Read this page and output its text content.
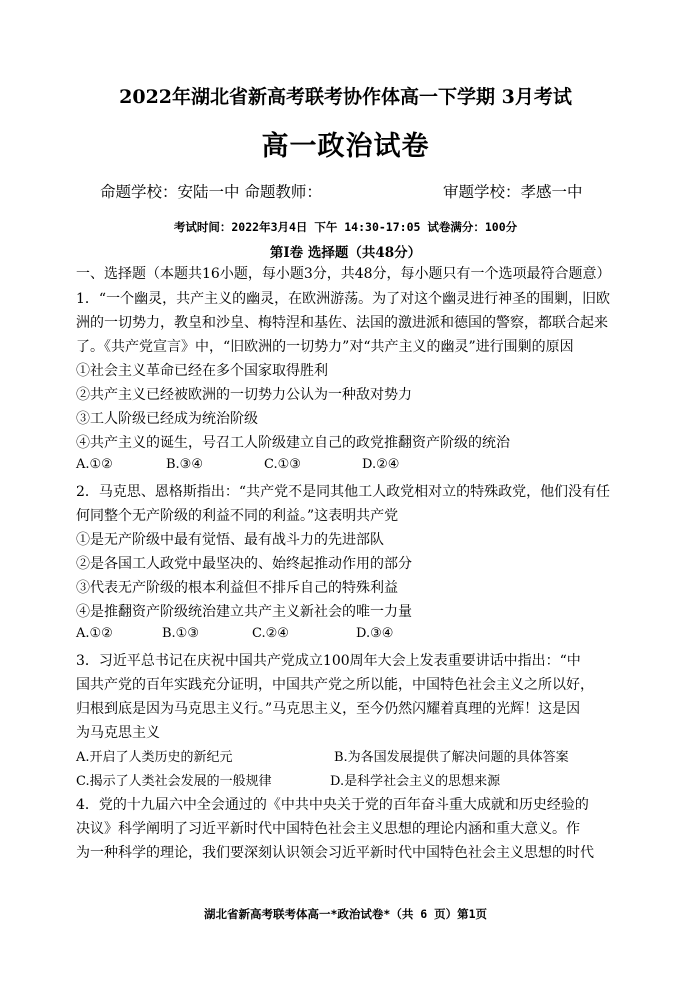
2022年湖北省新高考联考协作体高一下学期 3月考试
高一政治试卷
命题学校：安陆一中 命题教师：	审题学校：孝感一中
考试时间：2022年3月4日 下午 14:30-17:05 试卷满分：100分
第Ⅰ卷 选择题（共48分）
一、选择题（本题共16小题，每小题3分，共48分，每小题只有一个选项最符合题意）
1．“一个幽灵，共产主义的幽灵，在欧洲游荡。为了对这个幽灵进行神圣的围剿，旧欧
洲的一切势力，教皇和沙皇、梅特涅和基佐、法国的激进派和德国的警察，都联合起来
了。《共产党宣言》中，“旧欧洲的一切势力”对“共产主义的幽灵”进行围剿的原因
①社会主义革命已经在多个国家取得胜利
②共产主义已经被欧洲的一切势力公认为一种敌对势力
③工人阶级已经成为统治阶级
④共产主义的诞生，号召工人阶级建立自己的政党推翻资产阶级的统治
A.①②	B.③④	C.①③	D.②④
2．马克思、恩格斯指出：“共产党不是同其他工人政党相对立的特殊政党，他们没有任
何同整个无产阶级的利益不同的利益。”这表明共产党
①是无产阶级中最有觉悟、最有战斗力的先进部队
②是各国工人政党中最坚决的、始终起推动作用的部分
③代表无产阶级的根本利益但不排斥自己的特殊利益
④是推翻资产阶级统治建立共产主义新社会的唯一力量
A.①②	B.①③	C.②④	D.③④
3．习近平总书记在庆祝中国共产党成立100周年大会上发表重要讲话中指出：“中
国共产党的百年实践充分证明，中国共产党之所以能，中国特色社会主义之所以好，
归根到底是因为马克思主义行。”马克思主义，至今仍然闪耀着真理的光辉！这是因
为马克思主义
A.开启了人类历史的新纪元	B.为各国发展提供了解决问题的具体答案
C.揭示了人类社会发展的一般规律	D.是科学社会主义的思想来源
4．党的十九届六中全会通过的《中共中央关于党的百年奋斗重大成就和历史经验的
决议》科学阐明了习近平新时代中国特色社会主义思想的理论内涵和重大意义。作
为一种科学的理论，我们要深刻认识领会习近平新时代中国特色社会主义思想的时代
湖北省新高考联考体高一*政治试卷*（共 6 页）第1页
